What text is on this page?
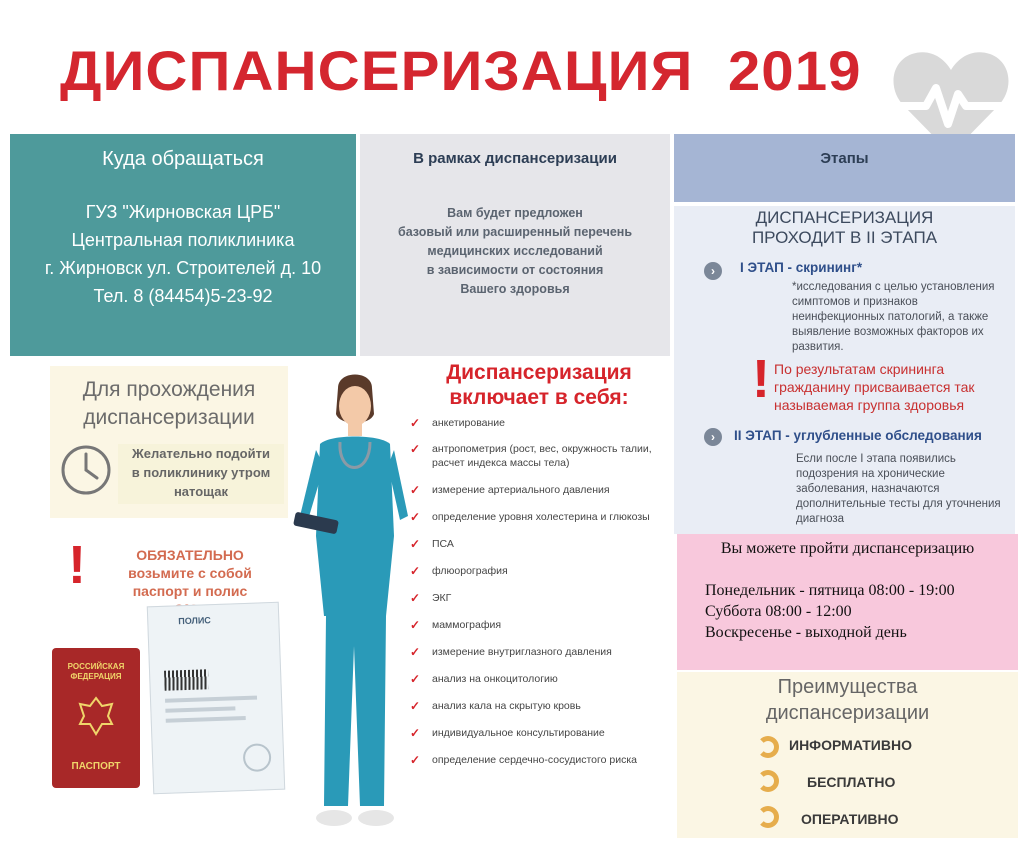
ДИСПАНСЕРИЗАЦИЯ 2019
Куда обращаться
ГУЗ "Жирновская ЦРБ"
Центральная поликлиника
г. Жирновск ул. Строителей д. 10
Тел. 8 (84454)5-23-92
В рамках диспансеризации
Вам будет предложен
базовый или расширенный перечень
медицинских исследований
в зависимости от состояния
Вашего здоровья
Этапы
ДИСПАНСЕРИЗАЦИЯ
ПРОХОДИТ В II ЭТАПА
›	I ЭТАП - скрининг*
*исследования с целью установления
симптомов и признаков
неинфекционных патологий, а также
выявление возможных факторов их
развития.
! По результатам скрининга
гражданину присваивается так
называемая группа здоровья
›	II ЭТАП - углубленные обследования
Если после I этапа появились
подозрения на хронические
заболевания, назначаются
дополнительные тесты для уточнения
диагноза
Вы можете пройти диспансеризацию
Понедельник - пятница 08:00 - 19:00
Суббота 08:00 - 12:00
Воскресенье - выходной день
Преимущества
диспансеризации
ИНФОРМАТИВНО
БЕСПЛАТНО
ОПЕРАТИВНО
Для прохождения
диспансеризации
Желательно подойти
в поликлинику утром
натощак
!	ОБЯЗАТЕЛЬНО
возьмите с собой
паспорт и полис
РОССИЙСКАЯ
ФЕДЕРАЦИЯ
ПАСПОРТ
ПОЛИС
Диспансеризация
включает в себя:
✓ анкетирование
✓ антропометрия (рост, вес, окружность талии,
расчет индекса массы тела)
✓ измерение артериального давления
✓ определение уровня холестерина и глюкозы
✓ ПСА
✓ флюорография
✓ ЭКГ
✓ маммография
✓ измерение внутриглазного давления
✓ анализ на онкоцитологию
✓ анализ кала на скрытую кровь
✓ индивидуальное консультирование
✓ определение сердечно-сосудистого риска
